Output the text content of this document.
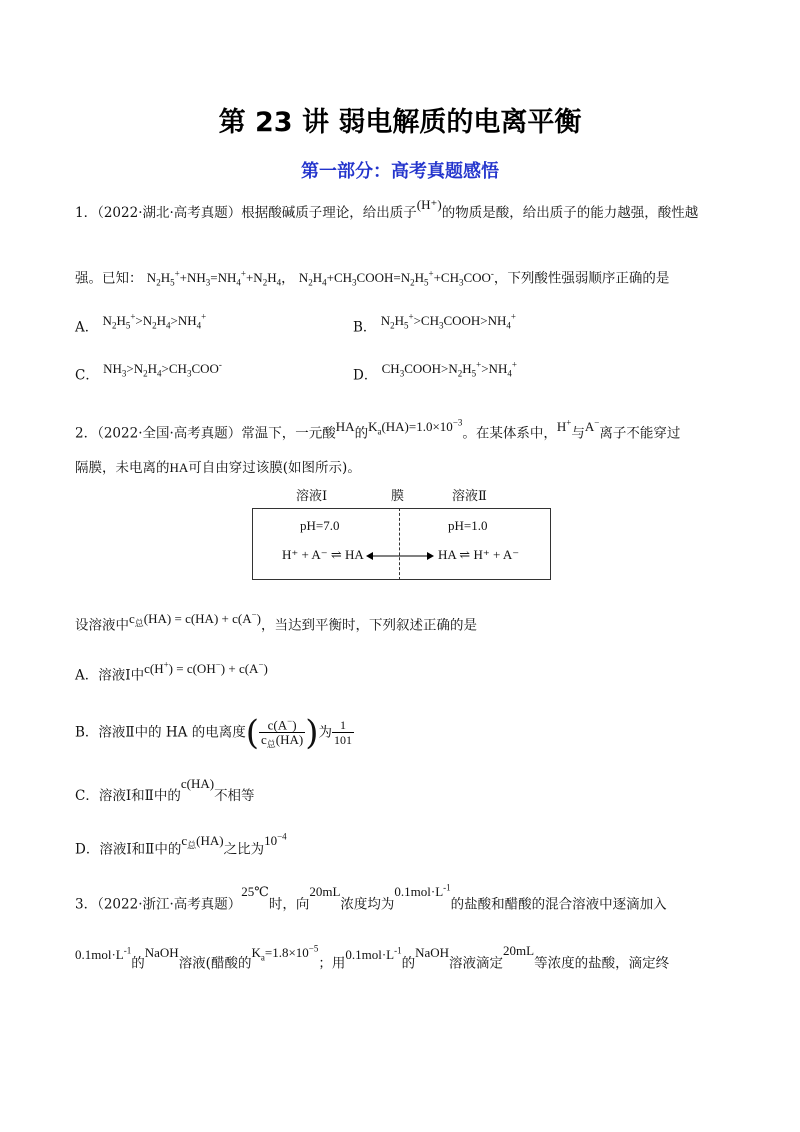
第 23 讲 弱电解质的电离平衡
第一部分：高考真题感悟
1．（2022·湖北·高考真题）根据酸碱质子理论，给出质子(H⁺)的物质是酸，给出质子的能力越强，酸性越
强。已知： $N_2H_5^++NH_3=NH_4^++N_2H_4$， $N_2H_4+CH_3COOH=N_2H_5^++CH_3COO^-$，下列酸性强弱顺序正确的是
A． $N_2H_5^+>N_2H_4>NH_4^+$
B． $N_2H_5^+>CH_3COOH>NH_4^+$
C． $NH_3>N_2H_4>CH_3COO^-$
D． $CH_3COOH>N_2H_5^+>NH_4^+$
2．（2022·全国·高考真题）常温下，一元酸HA的$K_a(HA)=1.0\times 10^{-3}$。在某体系中，H+与A−离子不能穿过
隔膜，未电离的HA可自由穿过该膜(如图所示)。
溶液Ⅰ	膜	溶液Ⅱ
pH=7.0	pH=1.0
H⁺ + A⁻ ⇌ HA	HA ⇌ H⁺ + A⁻
设溶液中$c_总(HA) = c(HA) + c(A^-)$，当达到平衡时，下列叙述正确的是
A．溶液Ⅰ中c(H+) = c(OH−) + c(A−)
B．溶液Ⅱ中的 HA 的电离度( $\frac{c(A^-)}{c_总(HA)}$ )为 $\frac{1}{101}$
C．溶液Ⅰ和Ⅱ中的c(HA)不相等
D．溶液Ⅰ和Ⅱ中的$c_总(HA)$之比为$10^{-4}$
3．（2022·浙江·高考真题）25℃时，向20mL浓度均为$0.1mol\cdot L^{-1}$的盐酸和醋酸的混合溶液中逐滴加入
$0.1mol\cdot L^{-1}$的NaOH溶液(醋酸的$K_a=1.8\times 10^{-5}$；用$0.1mol\cdot L^{-1}$的NaOH溶液滴定20mL等浓度的盐酸，滴定终
